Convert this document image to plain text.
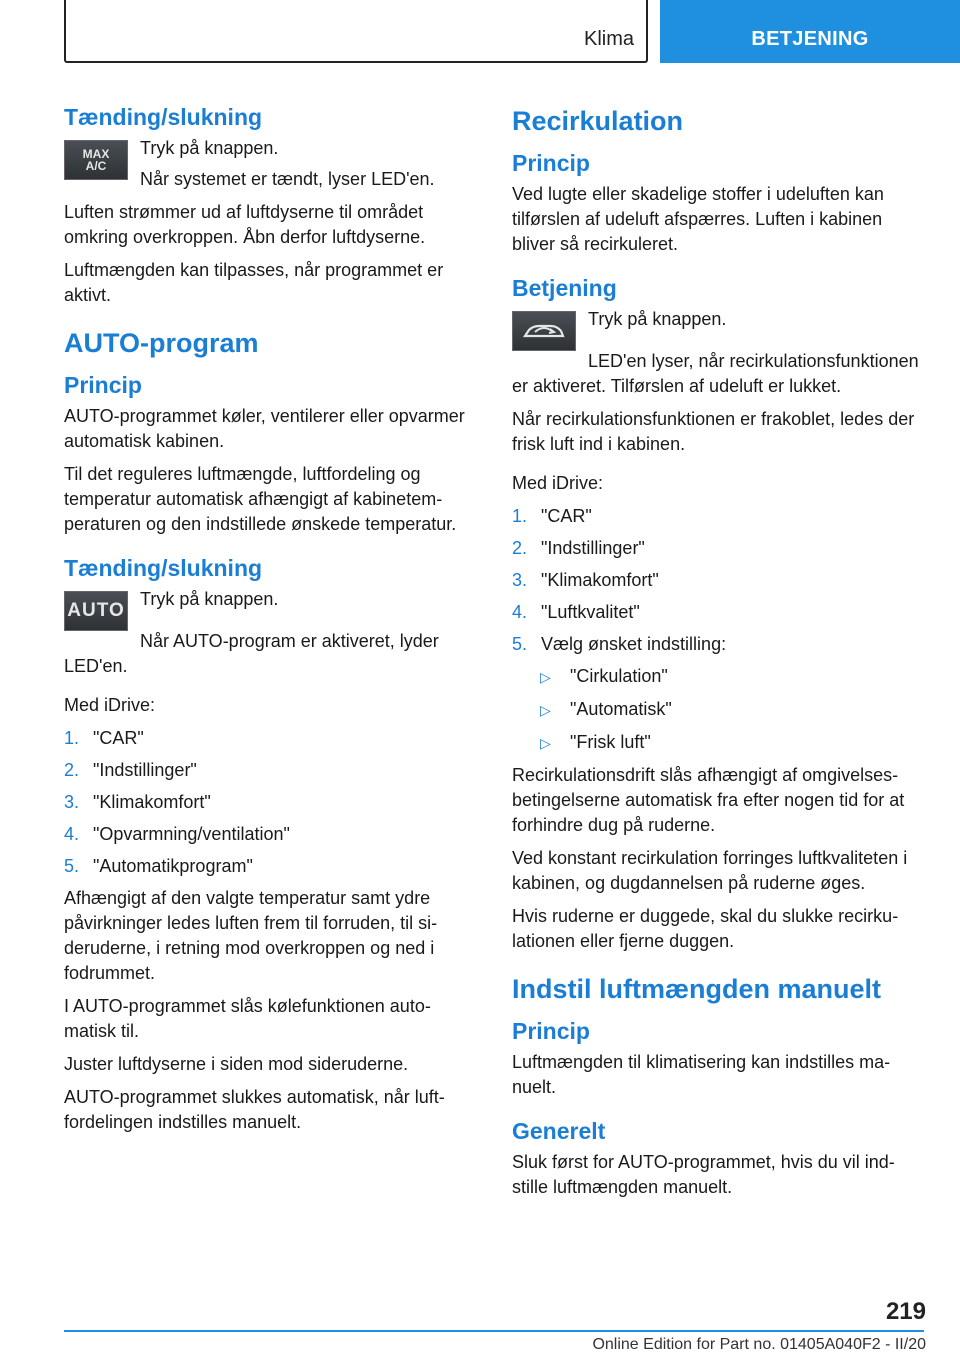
Klima	BETJENING
Tænding/slukning
MAX
A/C

Tryk på knappen.

Når systemet er tændt, lyser LED'en.

Luften strømmer ud af luftdyserne til området omkring overkroppen. Åbn derfor luftdyserne.

Luftmængden kan tilpasses, når programmet er aktivt.

AUTO-program
Princip

AUTO-programmet køler, ventilerer eller opvarmer automatisk kabinen.

Til det reguleres luftmængde, luftfordeling og temperatur automatisk afhængigt af kabinetemperaturen og den indstillede ønskede temperatur.

Tænding/slukning
AUTO

Tryk på knappen.

Når AUTO-program er aktiveret, lyder LED'en.

Med iDrive:

1. "CAR"
2. "Indstillinger"
3. "Klimakomfort"
4. "Opvarmning/ventilation"
5. "Automatikprogram"

Afhængigt af den valgte temperatur samt ydre påvirkninger ledes luften frem til forruden, til sideruderne, i retning mod overkroppen og ned i fodrummet.

I AUTO-programmet slås kølefunktionen automatisk til.

Juster luftdyserne i siden mod sideruderne.

AUTO-programmet slukkes automatisk, når luftfordelingen indstilles manuelt.

Recirkulation
Princip

Ved lugte eller skadelige stoffer i udeluften kan tilførslen af udeluft afspærres. Luften i kabinen bliver så recirkuleret.

Betjening

Tryk på knappen.

LED'en lyser, når recirkulationsfunktionen er aktiveret. Tilførslen af udeluft er lukket.

Når recirkulationsfunktionen er frakoblet, ledes der frisk luft ind i kabinen.

Med iDrive:

1. "CAR"
2. "Indstillinger"
3. "Klimakomfort"
4. "Luftkvalitet"
5. Vælg ønsket indstilling:
▷	"Cirkulation"
▷	"Automatisk"
▷	"Frisk luft"

Recirkulationsdrift slås afhængigt af omgivelsesbetingelserne automatisk fra efter nogen tid for at forhindre dug på ruderne.

Ved konstant recirkulation forringes luftkvaliteten i kabinen, og dugdannelsen på ruderne øges.

Hvis ruderne er duggede, skal du slukke recirkulationen eller fjerne duggen.

Indstil luftmængden manuelt
Princip

Luftmængden til klimatisering kan indstilles manuelt.

Generelt

Sluk først for AUTO-programmet, hvis du vil indstille luftmængden manuelt.

219
Online Edition for Part no. 01405A040F2 - II/20
